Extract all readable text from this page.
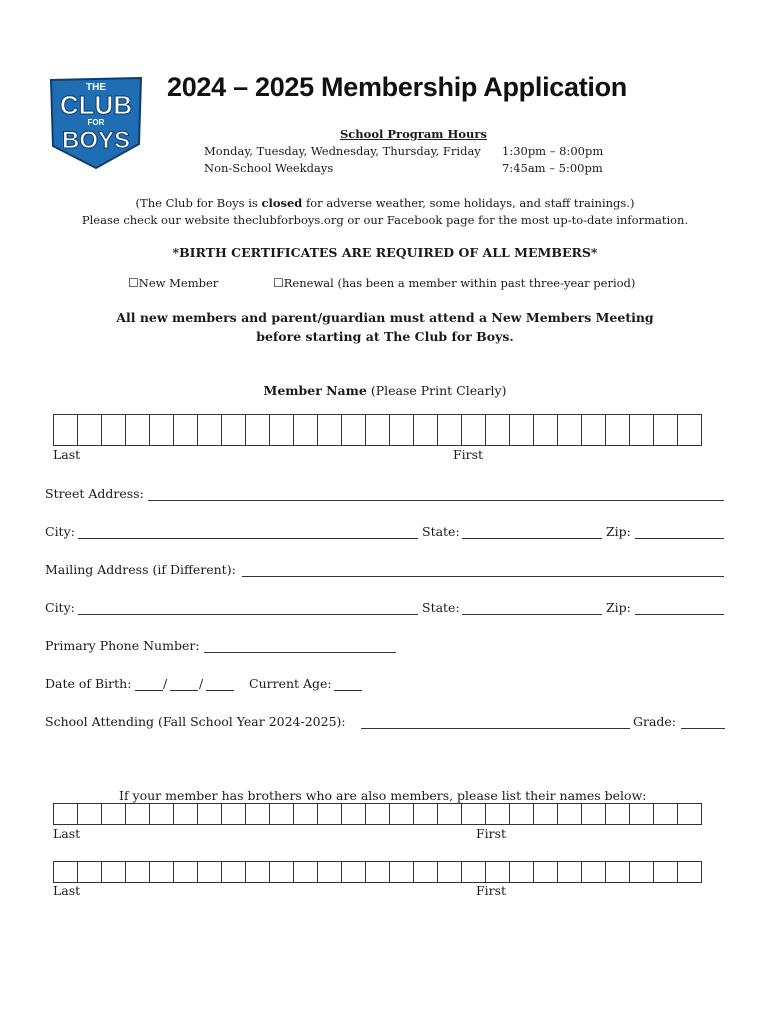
THE
CLUB
FOR
BOYS
2024 – 2025 Membership Application
School Program Hours
Monday, Tuesday, Wednesday, Thursday, Friday 1:30pm – 8:00pm
Non-School Weekdays	7:45am – 5:00pm
(The Club for Boys is closed for adverse weather, some holidays, and staff trainings.)
Please check our website theclubforboys.org or our Facebook page for the most up-to-date information.
*BIRTH CERTIFICATES ARE REQUIRED OF ALL MEMBERS*
☐New Member	☐Renewal (has been a member within past three-year period)
All new members and parent/guardian must attend a New Members Meeting
before starting at The Club for Boys.
Member Name (Please Print Clearly)
Last	First
Street Address:
City:	State:	Zip:
Mailing Address (if Different):
City:	State:	Zip:
Primary Phone Number:
Date of Birth:	/	/	Current Age:
School Attending (Fall School Year 2024-2025):	Grade:
If your member has brothers who are also members, please list their names below:
Last	First
Last	First
